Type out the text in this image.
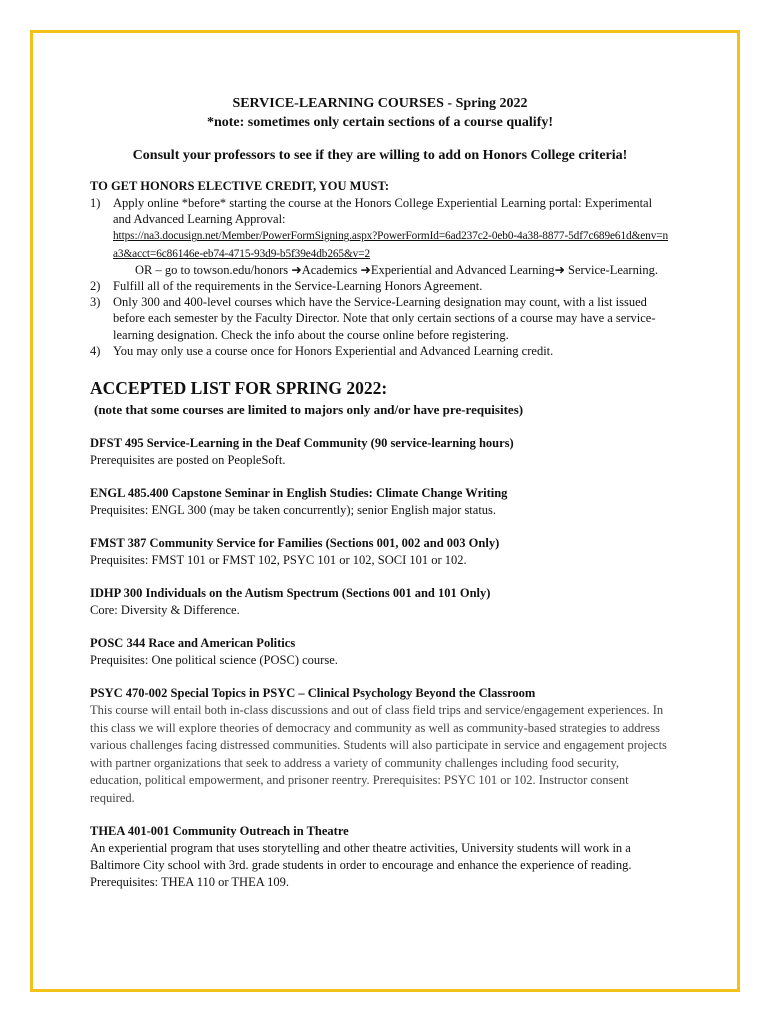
SERVICE-LEARNING COURSES - Spring 2022
*note: sometimes only certain sections of a course qualify!
Consult your professors to see if they are willing to add on Honors College criteria!
TO GET HONORS ELECTIVE CREDIT, YOU MUST:
1)	Apply online *before* starting the course at the Honors College Experiential Learning portal: Experimental and Advanced Learning Approval:
https://na3.docusign.net/Member/PowerFormSigning.aspx?PowerFormId=6ad237c2-0eb0-4a38-8877-5df7c689e61d&env=na3&acct=6c86146e-eb74-4715-93d9-b5f39e4db265&v=2
OR – go to towson.edu/honors ➜Academics ➜Experiential and Advanced Learning➜ Service-Learning.
2)	Fulfill all of the requirements in the Service-Learning Honors Agreement.
3)	Only 300 and 400-level courses which have the Service-Learning designation may count, with a list issued before each semester by the Faculty Director. Note that only certain sections of a course may have a service-learning designation. Check the info about the course online before registering.
4)	You may only use a course once for Honors Experiential and Advanced Learning credit.
ACCEPTED LIST FOR SPRING 2022:
(note that some courses are limited to majors only and/or have pre-requisites)
DFST 495 Service-Learning in the Deaf Community (90 service-learning hours)
Prerequisites are posted on PeopleSoft.
ENGL 485.400 Capstone Seminar in English Studies: Climate Change Writing
Prequisites: ENGL 300 (may be taken concurrently); senior English major status.
FMST 387 Community Service for Families (Sections 001, 002 and 003 Only)
Prequisites: FMST 101 or FMST 102, PSYC 101 or 102, SOCI 101 or 102.
IDHP 300 Individuals on the Autism Spectrum (Sections 001 and 101 Only)
Core: Diversity & Difference.
POSC 344 Race and American Politics
Prequisites: One political science (POSC) course.
PSYC 470-002 Special Topics in PSYC – Clinical Psychology Beyond the Classroom
This course will entail both in-class discussions and out of class field trips and service/engagement experiences. In this class we will explore theories of democracy and community as well as community-based strategies to address various challenges facing distressed communities. Students will also participate in service and engagement projects with partner organizations that seek to address a variety of community challenges including food security, education, political empowerment, and prisoner reentry. Prerequisites: PSYC 101 or 102. Instructor consent required.
THEA 401-001 Community Outreach in Theatre
An experiential program that uses storytelling and other theatre activities, University students will work in a Baltimore City school with 3rd. grade students in order to encourage and enhance the experience of reading. Prerequisites: THEA 110 or THEA 109.
